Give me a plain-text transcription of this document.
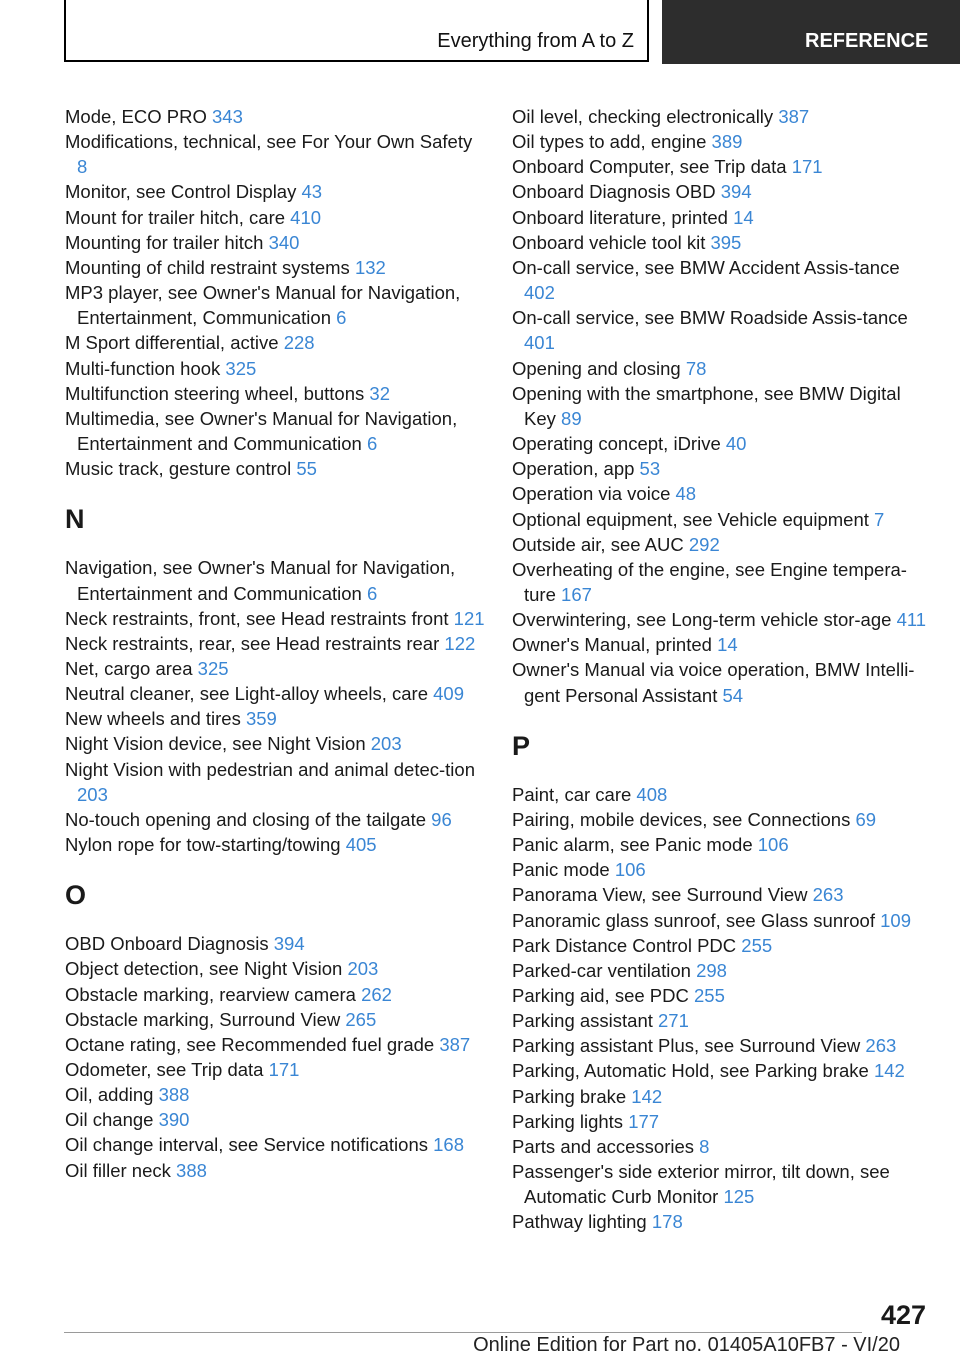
Everything from A to Z	REFERENCE
Mode, ECO PRO 343
Modifications, technical, see For Your Own Safety 8
Monitor, see Control Display 43
Mount for trailer hitch, care 410
Mounting for trailer hitch 340
Mounting of child restraint systems 132
MP3 player, see Owner's Manual for Navigation, Entertainment, Communication 6
M Sport differential, active 228
Multi-function hook 325
Multifunction steering wheel, buttons 32
Multimedia, see Owner's Manual for Navigation, Entertainment and Communication 6
Music track, gesture control 55
N
Navigation, see Owner's Manual for Navigation, Entertainment and Communication 6
Neck restraints, front, see Head restraints front 121
Neck restraints, rear, see Head restraints rear 122
Net, cargo area 325
Neutral cleaner, see Light-alloy wheels, care 409
New wheels and tires 359
Night Vision device, see Night Vision 203
Night Vision with pedestrian and animal detec‐tion 203
No-touch opening and closing of the tailgate 96
Nylon rope for tow-starting/towing 405
O
OBD Onboard Diagnosis 394
Object detection, see Night Vision 203
Obstacle marking, rearview camera 262
Obstacle marking, Surround View 265
Octane rating, see Recommended fuel grade 387
Odometer, see Trip data 171
Oil, adding 388
Oil change 390
Oil change interval, see Service notifications 168
Oil filler neck 388
Oil level, checking electronically 387
Oil types to add, engine 389
Onboard Computer, see Trip data 171
Onboard Diagnosis OBD 394
Onboard literature, printed 14
Onboard vehicle tool kit 395
On-call service, see BMW Accident Assis‐tance 402
On-call service, see BMW Roadside Assis‐tance 401
Opening and closing 78
Opening with the smartphone, see BMW Digital Key 89
Operating concept, iDrive 40
Operation, app 53
Operation via voice 48
Optional equipment, see Vehicle equipment 7
Outside air, see AUC 292
Overheating of the engine, see Engine tempera‐ture 167
Overwintering, see Long-term vehicle stor‐age 411
Owner's Manual, printed 14
Owner's Manual via voice operation, BMW Intelli‐gent Personal Assistant 54
P
Paint, car care 408
Pairing, mobile devices, see Connections 69
Panic alarm, see Panic mode 106
Panic mode 106
Panorama View, see Surround View 263
Panoramic glass sunroof, see Glass sunroof 109
Park Distance Control PDC 255
Parked-car ventilation 298
Parking aid, see PDC 255
Parking assistant 271
Parking assistant Plus, see Surround View 263
Parking, Automatic Hold, see Parking brake 142
Parking brake 142
Parking lights 177
Parts and accessories 8
Passenger's side exterior mirror, tilt down, see Automatic Curb Monitor 125
Pathway lighting 178
427
Online Edition for Part no. 01405A10FB7 - VI/20
